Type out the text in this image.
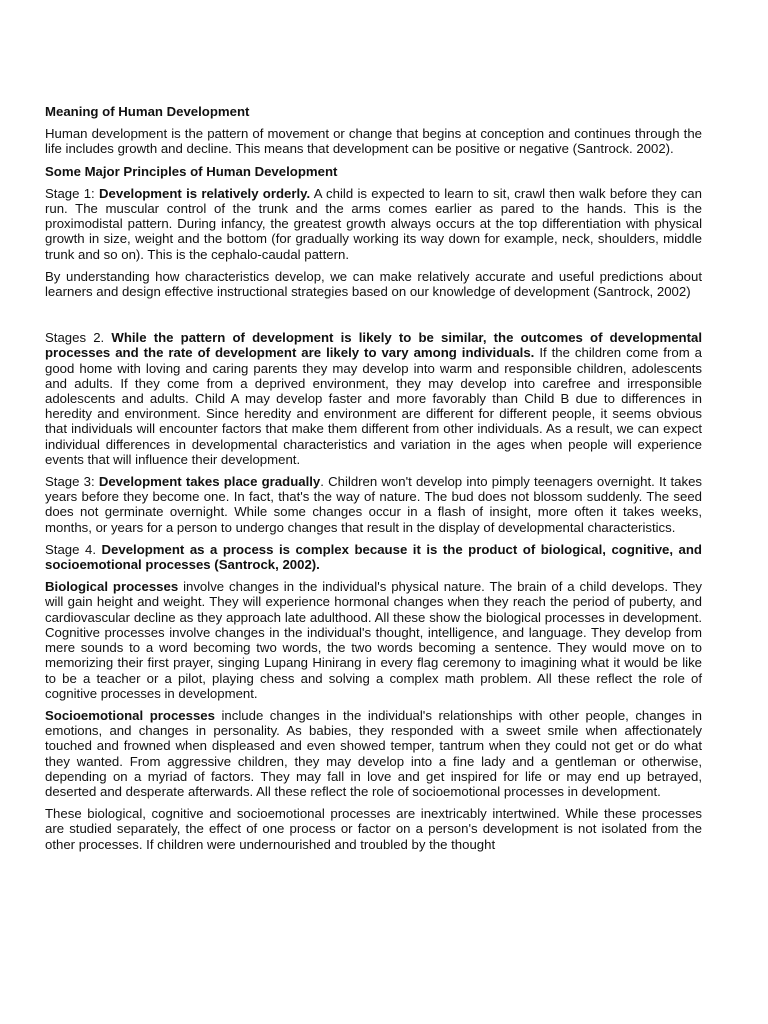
Meaning of Human Development

Human development is the pattern of movement or change that begins at conception and continues through the life includes growth and decline. This means that development can be positive or negative (Santrock. 2002).

Some Major Principles of Human Development

Stage 1: Development is relatively orderly. A child is expected to learn to sit, crawl then walk before they can run. The muscular control of the trunk and the arms comes earlier as pared to the hands. This is the proximodistal pattern. During infancy, the greatest growth always occurs at the top differentiation with physical growth in size, weight and the bottom (for gradually working its way down for example, neck, shoulders, middle trunk and so on). This is the cephalo-caudal pattern.

By understanding how characteristics develop, we can make relatively accurate and useful predictions about learners and design effective instructional strategies based on our knowledge of development (Santrock, 2002)

Stages 2. While the pattern of development is likely to be similar, the outcomes of developmental processes and the rate of development are likely to vary among individuals. If the children come from a good home with loving and caring parents they may develop into warm and responsible children, adolescents and adults. If they come from a deprived environment, they may develop into carefree and irresponsible adolescents and adults. Child A may develop faster and more favorably than Child B due to differences in heredity and environment. Since heredity and environment are different for different people, it seems obvious that individuals will encounter factors that make them different from other individuals. As a result, we can expect individual differences in developmental characteristics and variation in the ages when people will experience events that will influence their development.

Stage 3: Development takes place gradually. Children won't develop into pimply teenagers overnight. It takes years before they become one. In fact, that's the way of nature. The bud does not blossom suddenly. The seed does not germinate overnight. While some changes occur in a flash of insight, more often it takes weeks, months, or years for a person to undergo changes that result in the display of developmental characteristics.

Stage 4. Development as a process is complex because it is the product of biological, cognitive, and socioemotional processes (Santrock, 2002).

Biological processes involve changes in the individual's physical nature. The brain of a child develops. They will gain height and weight. They will experience hormonal changes when they reach the period of puberty, and cardiovascular decline as they approach late adulthood. All these show the biological processes in development. Cognitive processes involve changes in the individual's thought, intelligence, and language. They develop from mere sounds to a word becoming two words, the two words becoming a sentence. They would move on to memorizing their first prayer, singing Lupang Hinirang in every flag ceremony to imagining what it would be like to be a teacher or a pilot, playing chess and solving a complex math problem. All these reflect the role of cognitive processes in development.

Socioemotional processes include changes in the individual's relationships with other people, changes in emotions, and changes in personality. As babies, they responded with a sweet smile when affectionately touched and frowned when displeased and even showed temper, tantrum when they could not get or do what they wanted. From aggressive children, they may develop into a fine lady and a gentleman or otherwise, depending on a myriad of factors. They may fall in love and get inspired for life or may end up betrayed, deserted and desperate afterwards. All these reflect the role of socioemotional processes in development.

These biological, cognitive and socioemotional processes are inextricably intertwined. While these processes are studied separately, the effect of one process or factor on a person's development is not isolated from the other processes. If children were undernourished and troubled by the thought
